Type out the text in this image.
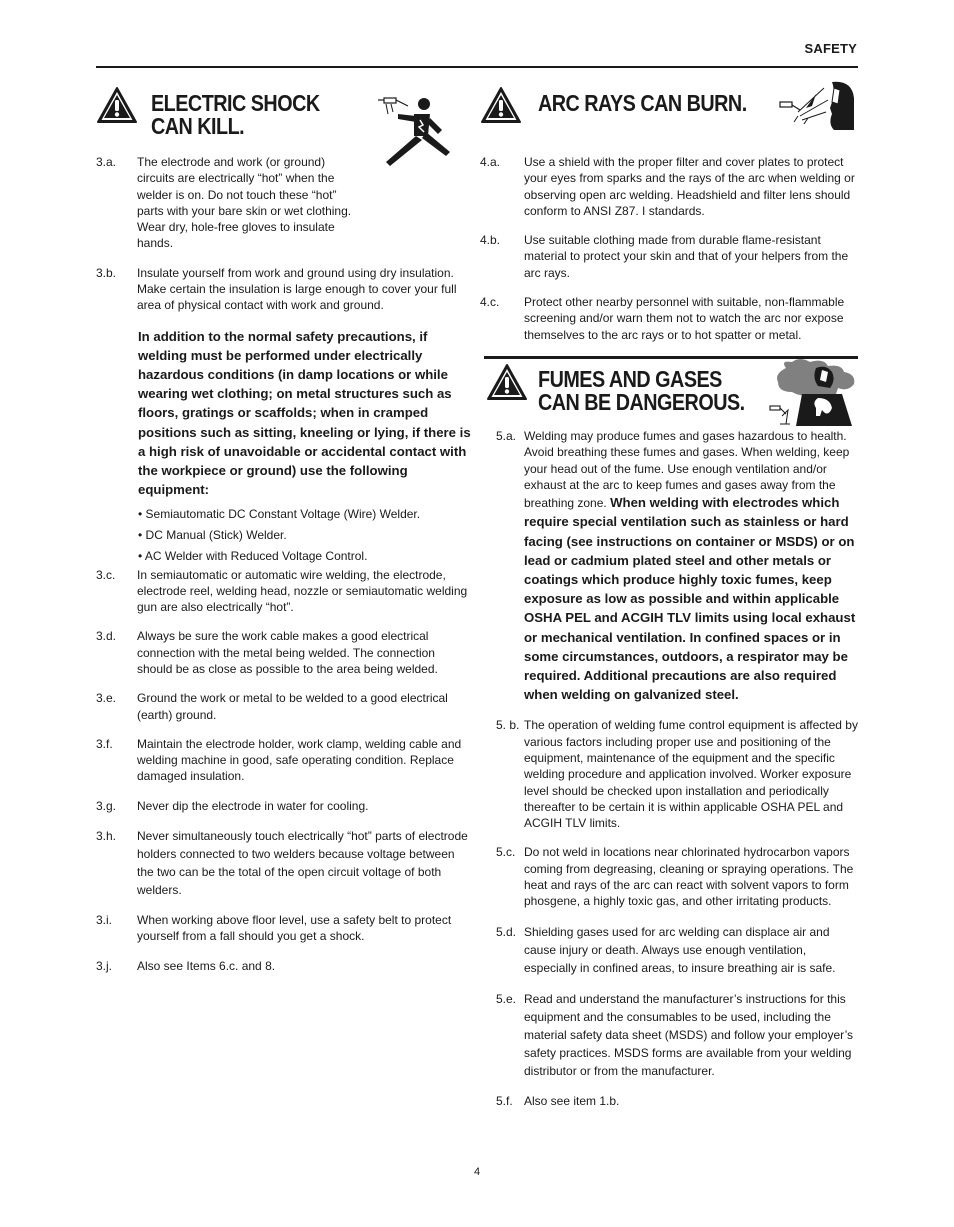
SAFETY
ELECTRIC SHOCK
CAN KILL.
3.a.	The electrode and work (or ground) circuits are electrically “hot” when the welder is on. Do not touch these “hot” parts with your bare skin or wet clothing. Wear dry, hole-free gloves to insulate hands.
3.b.	Insulate yourself from work and ground using dry insulation. Make certain the insulation is large enough to cover your full area of physical contact with work and ground.
In addition to the normal safety precautions, if welding must be performed under electrically hazardous conditions (in damp locations or while wearing wet clothing; on metal structures such as floors, gratings or scaffolds; when in cramped positions such as sitting, kneeling or lying, if there is a high risk of unavoidable or accidental contact with the workpiece or ground) use the following equipment:
• Semiautomatic DC Constant Voltage (Wire) Welder.
• DC Manual (Stick) Welder.
• AC Welder with Reduced Voltage Control.
3.c.	In semiautomatic or automatic wire welding, the electrode, electrode reel, welding head, nozzle or semiautomatic welding gun are also electrically “hot”.
3.d.	Always be sure the work cable makes a good electrical connection with the metal being welded. The connection should be as close as possible to the area being welded.
3.e.	Ground the work or metal to be welded to a good electrical (earth) ground.
3.f.	Maintain the electrode holder, work clamp, welding cable and welding machine in good, safe operating condition. Replace damaged insulation.
3.g.	Never dip the electrode in water for cooling.
3.h.	Never simultaneously touch electrically “hot” parts of electrode holders connected to two welders because voltage between the two can be the total of the open circuit voltage of both welders.
3.i.	When working above floor level, use a safety belt to protect yourself from a fall should you get a shock.
3.j.	Also see Items 6.c. and 8.
ARC RAYS CAN BURN.
4.a.	Use a shield with the proper filter and cover plates to protect your eyes from sparks and the rays of the arc when welding or observing open arc welding. Headshield and filter lens should conform to ANSI Z87. I standards.
4.b.	Use suitable clothing made from durable flame-resistant material to protect your skin and that of your helpers from the arc rays.
4.c.	Protect other nearby personnel with suitable, non-flammable screening and/or warn them not to watch the arc nor expose themselves to the arc rays or to hot spatter or metal.
FUMES AND GASES
CAN BE DANGEROUS.
5.a. Welding may produce fumes and gases hazardous to health. Avoid breathing these fumes and gases. When welding, keep your head out of the fume. Use enough ventilation and/or exhaust at the arc to keep fumes and gases away from the breathing zone. When welding with electrodes which require special ventilation such as stainless or hard facing (see instructions on container or MSDS) or on lead or cadmium plated steel and other metals or coatings which produce highly toxic fumes, keep exposure as low as possible and within applicable OSHA PEL and ACGIH TLV limits using local exhaust or mechanical ventilation. In confined spaces or in some circumstances, outdoors, a respirator may be required. Additional precautions are also required when welding on galvanized steel.
5. b. The operation of welding fume control equipment is affected by various factors including proper use and positioning of the equipment, maintenance of the equipment and the specific welding procedure and application involved. Worker exposure level should be checked upon installation and periodically thereafter to be certain it is within applicable OSHA PEL and ACGIH TLV limits.
5.c. Do not weld in locations near chlorinated hydrocarbon vapors coming from degreasing, cleaning or spraying operations. The heat and rays of the arc can react with solvent vapors to form phosgene, a highly toxic gas, and other irritating products.
5.d. Shielding gases used for arc welding can displace air and cause injury or death. Always use enough ventilation, especially in confined areas, to insure breathing air is safe.
5.e. Read and understand the manufacturer’s instructions for this equipment and the consumables to be used, including the material safety data sheet (MSDS) and follow your employer’s safety practices. MSDS forms are available from your welding distributor or from the manufacturer.
5.f. Also see item 1.b.
4
